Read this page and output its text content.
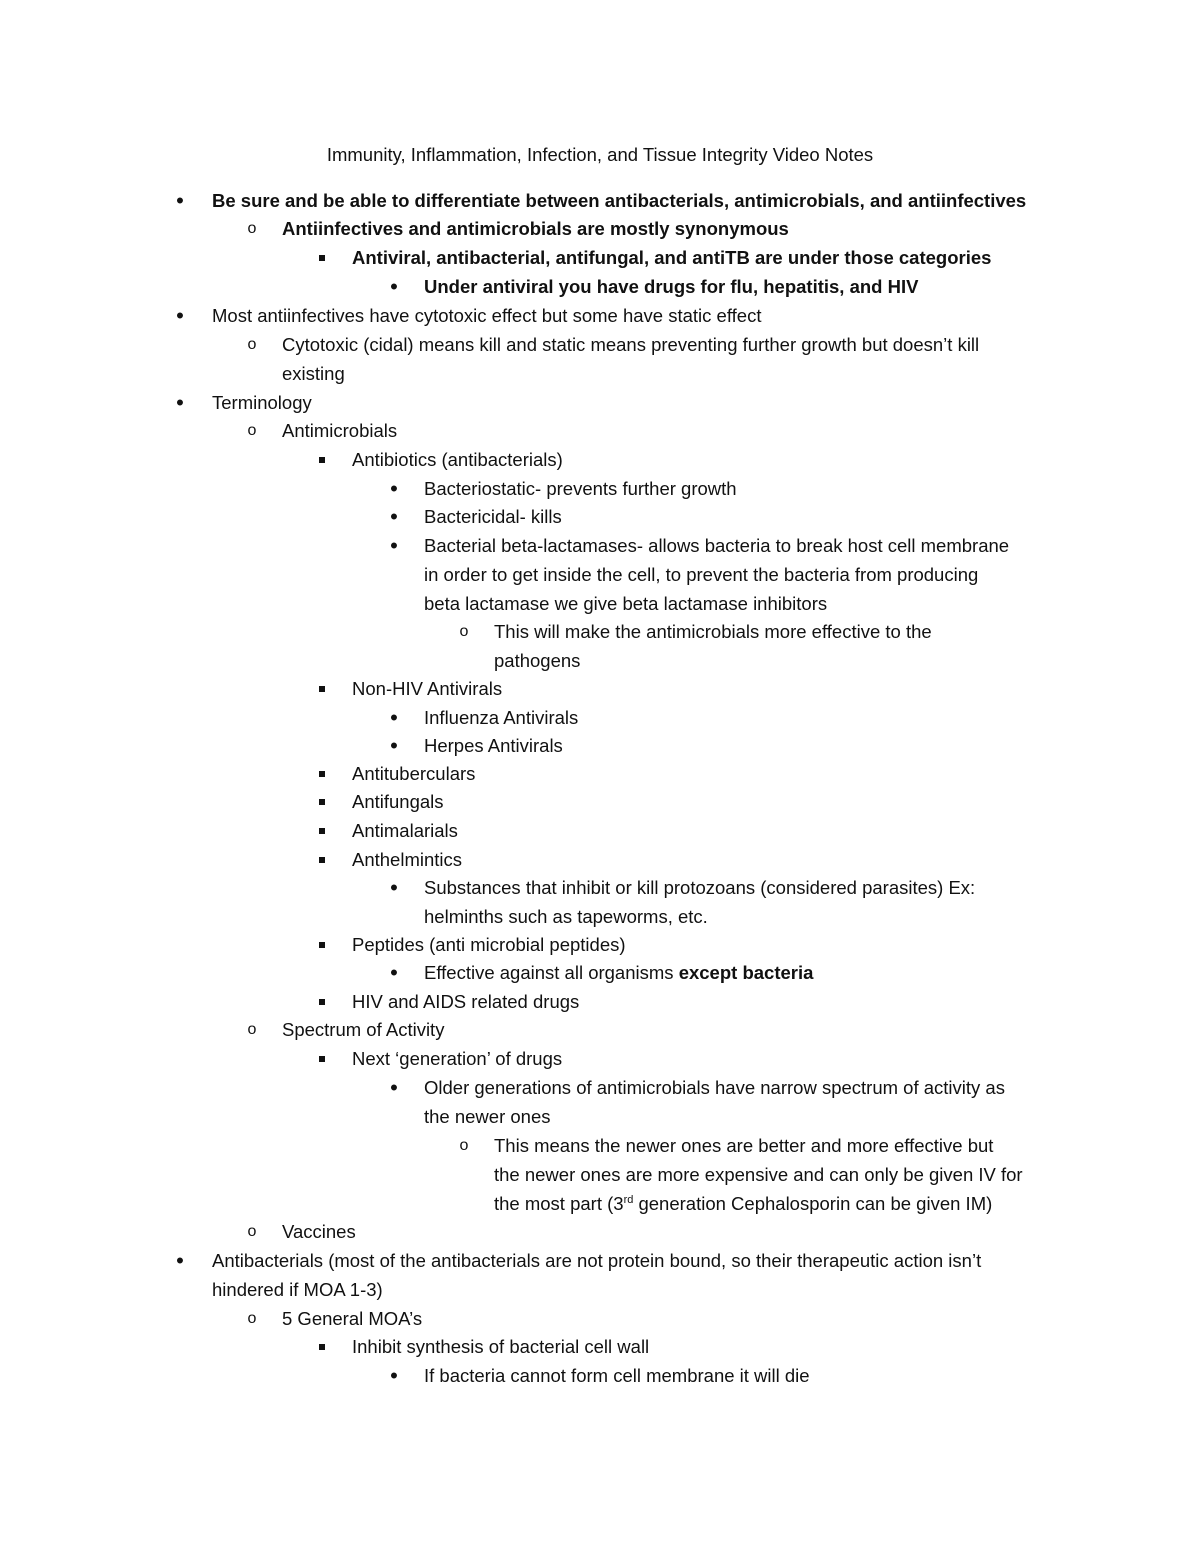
Immunity, Inflammation, Infection, and Tissue Integrity Video Notes
•
Be sure and be able to differentiate between antibacterials, antimicrobials, and antiinfectives
o Antiinfectives and antimicrobials are mostly synonymous
Antiviral, antibacterial, antifungal, and antiTB are under those categories
•
Under antiviral you have drugs for flu, hepatitis, and HIV
•
Most antiinfectives have cytotoxic effect but some have static effect
o Cytotoxic (cidal) means kill and static means preventing further growth but doesn’t kill
existing
•
Terminology
o Antimicrobials
Antibiotics (antibacterials)
•
Bacteriostatic- prevents further growth
•
Bactericidal- kills
•
Bacterial beta-lactamases- allows bacteria to break host cell membrane
in order to get inside the cell, to prevent the bacteria from producing
beta lactamase we give beta lactamase inhibitors
o This will make the antimicrobials more effective to the
pathogens
Non-HIV Antivirals
•
Influenza Antivirals
•
Herpes Antivirals
Antituberculars
Antifungals
Antimalarials
Anthelmintics
•
Substances that inhibit or kill protozoans (considered parasites) Ex:
helminths such as tapeworms, etc.
Peptides (anti microbial peptides)
•
Effective against all organisms except bacteria
HIV and AIDS related drugs
o Spectrum of Activity
Next ‘generation’ of drugs
•
Older generations of antimicrobials have narrow spectrum of activity as
the newer ones
o This means the newer ones are better and more effective but
the newer ones are more expensive and can only be given IV for
the most part (3rd generation Cephalosporin can be given IM)
o Vaccines
•
Antibacterials (most of the antibacterials are not protein bound, so their therapeutic action isn’t
hindered if MOA 1-3)
o 5 General MOA’s
Inhibit synthesis of bacterial cell wall
•
If bacteria cannot form cell membrane it will die
